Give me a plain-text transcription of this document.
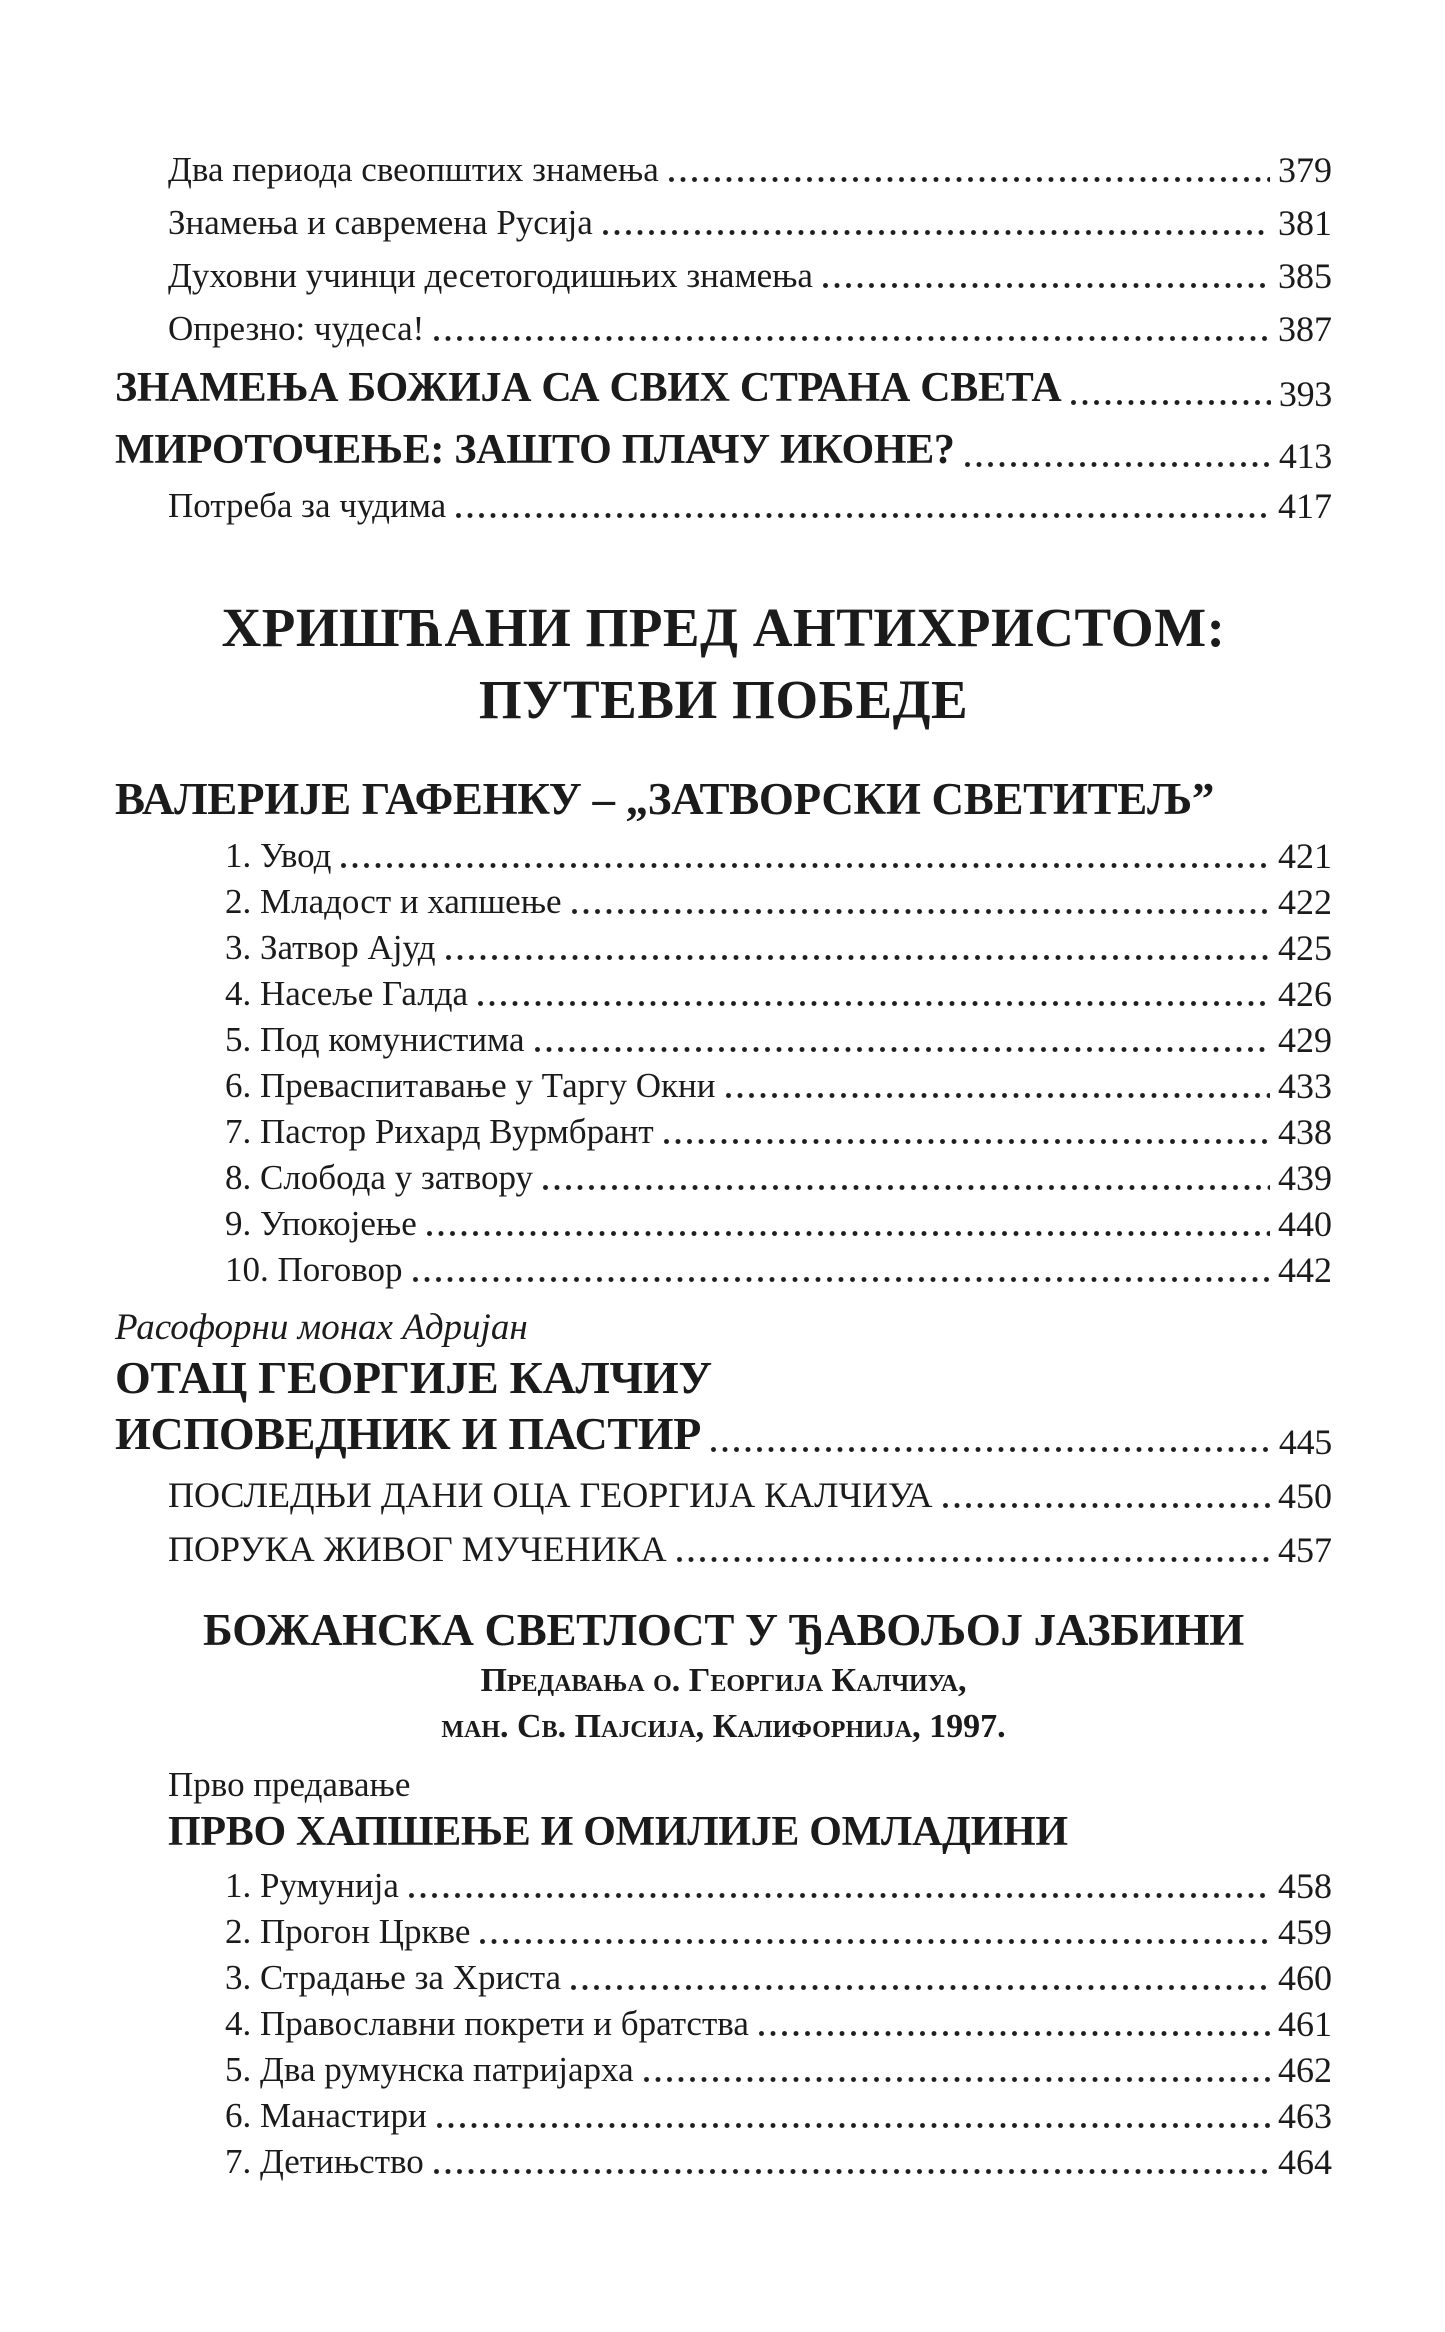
Два периода свеопштих знамења	379
Знамења и савремена Русија	381
Духовни учинци десетогодишњих знамења	385
Опрезно: чудеса!	387
ЗНАМЕЊА БОЖИЈА СА СВИХ СТРАНА СВЕТА	393
МИРОТОЧЕЊЕ: ЗАШТО ПЛАЧУ ИКОНЕ?	413
Потреба за чудима	417
ХРИШЋАНИ ПРЕД АНТИХРИСТОМ:
ПУТЕВИ ПОБЕДЕ
ВАЛЕРИЈЕ ГАФЕНКУ – „ЗАТВОРСКИ СВЕТИТЕЉ”
1. Увод	421
2. Младост и хапшење	422
3. Затвор Ајуд	425
4. Насеље Галда	426
5. Под комунистима	429
6. Преваспитавање у Таргу Окни	433
7. Пастор Рихард Вурмбрант	438
8. Слобода у затвору	439
9. Упокојење	440
10. Поговор	442
Расофорни монах Адријан
ОТАЦ ГЕОРГИЈЕ КАЛЧИУ
ИСПОВЕДНИК И ПАСТИР	445
ПОСЛЕДЊИ ДАНИ ОЦА ГЕОРГИЈА КАЛЧИУА	450
ПОРУКА ЖИВОГ МУЧЕНИКА	457
БОЖАНСКА СВЕТЛОСТ У ЂАВОЉОЈ ЈАЗБИНИ
Предавања о. Георгија Калчиуа,
ман. Св. Пајсија, Калифорнија, 1997.
Прво предавање
ПРВО ХАПШЕЊЕ И ОМИЛИЈЕ ОМЛАДИНИ
1. Румунија	458
2. Прогон Цркве	459
3. Страдање за Христа	460
4. Православни покрети и братства	461
5. Два румунска патријарха	462
6. Манастири	463
7. Детињство	464
